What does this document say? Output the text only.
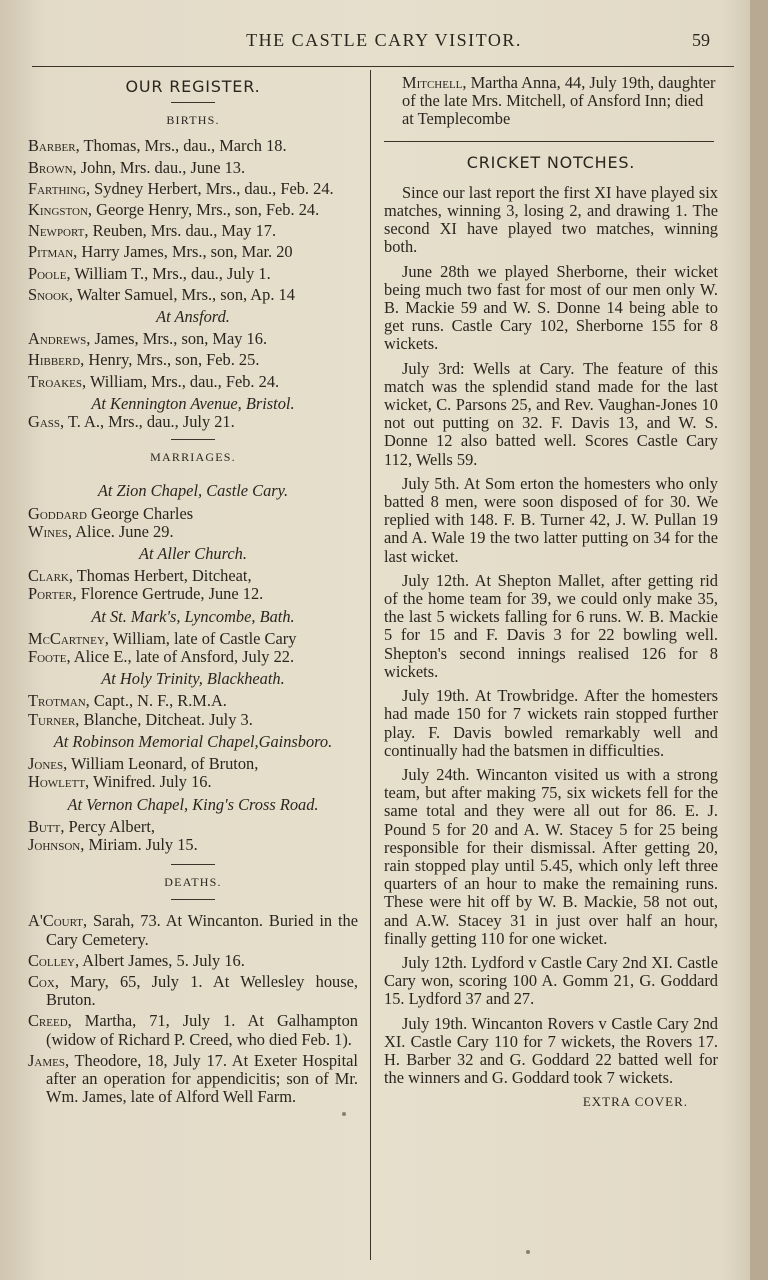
THE CASTLE CARY VISITOR.	59
OUR REGISTER.
BIRTHS.
Barber, Thomas, Mrs., dau., March 18.
Brown, John, Mrs. dau., June 13.
Farthing, Sydney Herbert, Mrs., dau., Feb. 24.
Kingston, George Henry, Mrs., son, Feb. 24.
Newport, Reuben, Mrs. dau., May 17.
Pitman, Harry James, Mrs., son, Mar. 20
Poole, William T., Mrs., dau., July 1.
Snook, Walter Samuel, Mrs., son, Ap. 14
At Ansford.
Andrews, James, Mrs., son, May 16.
Hibberd, Henry, Mrs., son, Feb. 25.
Troakes, William, Mrs., dau., Feb. 24.
At Kennington Avenue, Bristol.
Gass, T. A., Mrs., dau., July 21.
MARRIAGES.
At Zion Chapel, Castle Cary.
Goddard George Charles
Wines, Alice. June 29.
At Aller Church.
Clark, Thomas Herbert, Ditcheat,
Porter, Florence Gertrude, June 12.
At St. Mark's, Lyncombe, Bath.
McCartney, William, late of Castle Cary
Foote, Alice E., late of Ansford, July 22.
At Holy Trinity, Blackheath.
Trotman, Capt., N. F., R.M.A.
Turner, Blanche, Ditcheat. July 3.
At Robinson Memorial Chapel,Gainsboro.
Jones, William Leonard, of Bruton,
Howlett, Winifred. July 16.
At Vernon Chapel, King's Cross Road.
Butt, Percy Albert,
Johnson, Miriam. July 15.
DEATHS.
A'Court, Sarah, 73. At Wincanton. Buried in the Cary Cemetery.
Colley, Albert James, 5. July 16.
Cox, Mary, 65, July 1. At Wellesley house, Bruton.
Creed, Martha, 71, July 1. At Galhampton (widow of Richard P. Creed, who died Feb. 1).
James, Theodore, 18, July 17. At Exeter Hospital after an operation for appendicitis; son of Mr. Wm. James, late of Alford Well Farm.
Mitchell, Martha Anna, 44, July 19th, daughter of the late Mrs. Mitchell, of Ansford Inn; died at Templecombe
CRICKET NOTCHES.
Since our last report the first XI have played six matches, winning 3, losing 2, and drawing 1. The second XI have played two matches, winning both.
June 28th we played Sherborne, their wicket being much two fast for most of our men only W. B. Mackie 59 and W. S. Donne 14 being able to get runs. Castle Cary 102, Sherborne 155 for 8 wickets.
July 3rd: Wells at Cary. The feature of this match was the splendid stand made for the last wicket, C. Parsons 25, and Rev. Vaughan-Jones 10 not out putting on 32. F. Davis 13, and W. S. Donne 12 also batted well. Scores Castle Cary 112, Wells 59.
July 5th. At Som erton the homesters who only batted 8 men, were soon disposed of for 30. We replied with 148. F. B. Turner 42, J. W. Pullan 19 and A. Wale 19 the two latter putting on 34 for the last wicket.
July 12th. At Shepton Mallet, after getting rid of the home team for 39, we could only make 35, the last 5 wickets falling for 6 runs. W. B. Mackie 5 for 15 and F. Davis 3 for 22 bowling well. Shepton's second innings realised 126 for 8 wickets.
July 19th. At Trowbridge. After the homesters had made 150 for 7 wickets rain stopped further play. F. Davis bowled remarkably well and continually had the batsmen in difficulties.
July 24th. Wincanton visited us with a strong team, but after making 75, six wickets fell for the same total and they were all out for 86. E. J. Pound 5 for 20 and A. W. Stacey 5 for 25 being responsible for their dismissal. After getting 20, rain stopped play until 5.45, which only left three quarters of an hour to make the remaining runs. These were hit off by W. B. Mackie, 58 not out, and A.W. Stacey 31 in just over half an hour, finally getting 110 for one wicket.
July 12th. Lydford v Castle Cary 2nd XI. Castle Cary won, scoring 100 A. Gomm 21, G. Goddard 15. Lydford 37 and 27.
July 19th. Wincanton Rovers v Castle Cary 2nd XI. Castle Cary 110 for 7 wickets, the Rovers 17. H. Barber 32 and G. Goddard 22 batted well for the winners and G. Goddard took 7 wickets.
EXTRA COVER.
